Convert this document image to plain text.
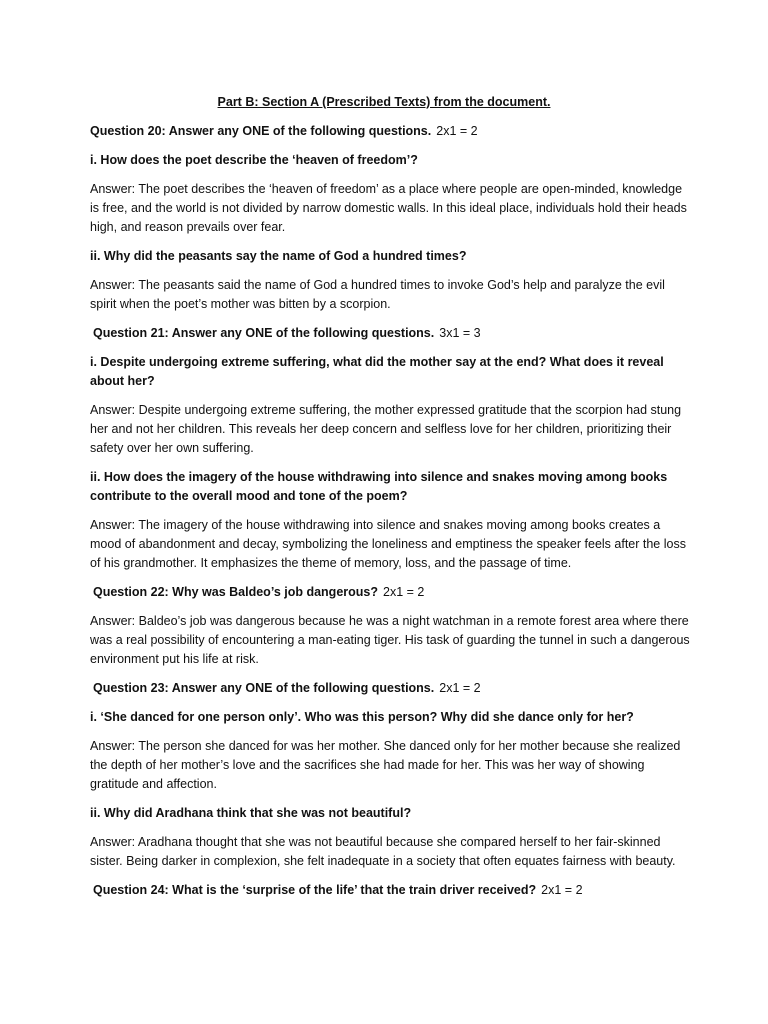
Part B: Section A (Prescribed Texts) from the document.

Question 20: Answer any ONE of the following questions. 2x1 = 2

i. How does the poet describe the ‘heaven of freedom’?

Answer: The poet describes the ‘heaven of freedom’ as a place where people are open-minded, knowledge is free, and the world is not divided by narrow domestic walls. In this ideal place, individuals hold their heads high, and reason prevails over fear.

ii. Why did the peasants say the name of God a hundred times?

Answer: The peasants said the name of God a hundred times to invoke God’s help and paralyze the evil spirit when the poet’s mother was bitten by a scorpion.

Question 21: Answer any ONE of the following questions. 3x1 = 3

i. Despite undergoing extreme suffering, what did the mother say at the end? What does it reveal about her?

Answer: Despite undergoing extreme suffering, the mother expressed gratitude that the scorpion had stung her and not her children. This reveals her deep concern and selfless love for her children, prioritizing their safety over her own suffering.

ii. How does the imagery of the house withdrawing into silence and snakes moving among books contribute to the overall mood and tone of the poem?

Answer: The imagery of the house withdrawing into silence and snakes moving among books creates a mood of abandonment and decay, symbolizing the loneliness and emptiness the speaker feels after the loss of his grandmother. It emphasizes the theme of memory, loss, and the passage of time.

Question 22: Why was Baldeo’s job dangerous? 2x1 = 2

Answer: Baldeo’s job was dangerous because he was a night watchman in a remote forest area where there was a real possibility of encountering a man-eating tiger. His task of guarding the tunnel in such a dangerous environment put his life at risk.

Question 23: Answer any ONE of the following questions. 2x1 = 2

i. ‘She danced for one person only’. Who was this person? Why did she dance only for her?

Answer: The person she danced for was her mother. She danced only for her mother because she realized the depth of her mother’s love and the sacrifices she had made for her. This was her way of showing gratitude and affection.

ii. Why did Aradhana think that she was not beautiful?

Answer: Aradhana thought that she was not beautiful because she compared herself to her fair-skinned sister. Being darker in complexion, she felt inadequate in a society that often equates fairness with beauty.

Question 24: What is the ‘surprise of the life’ that the train driver received? 2x1 = 2
